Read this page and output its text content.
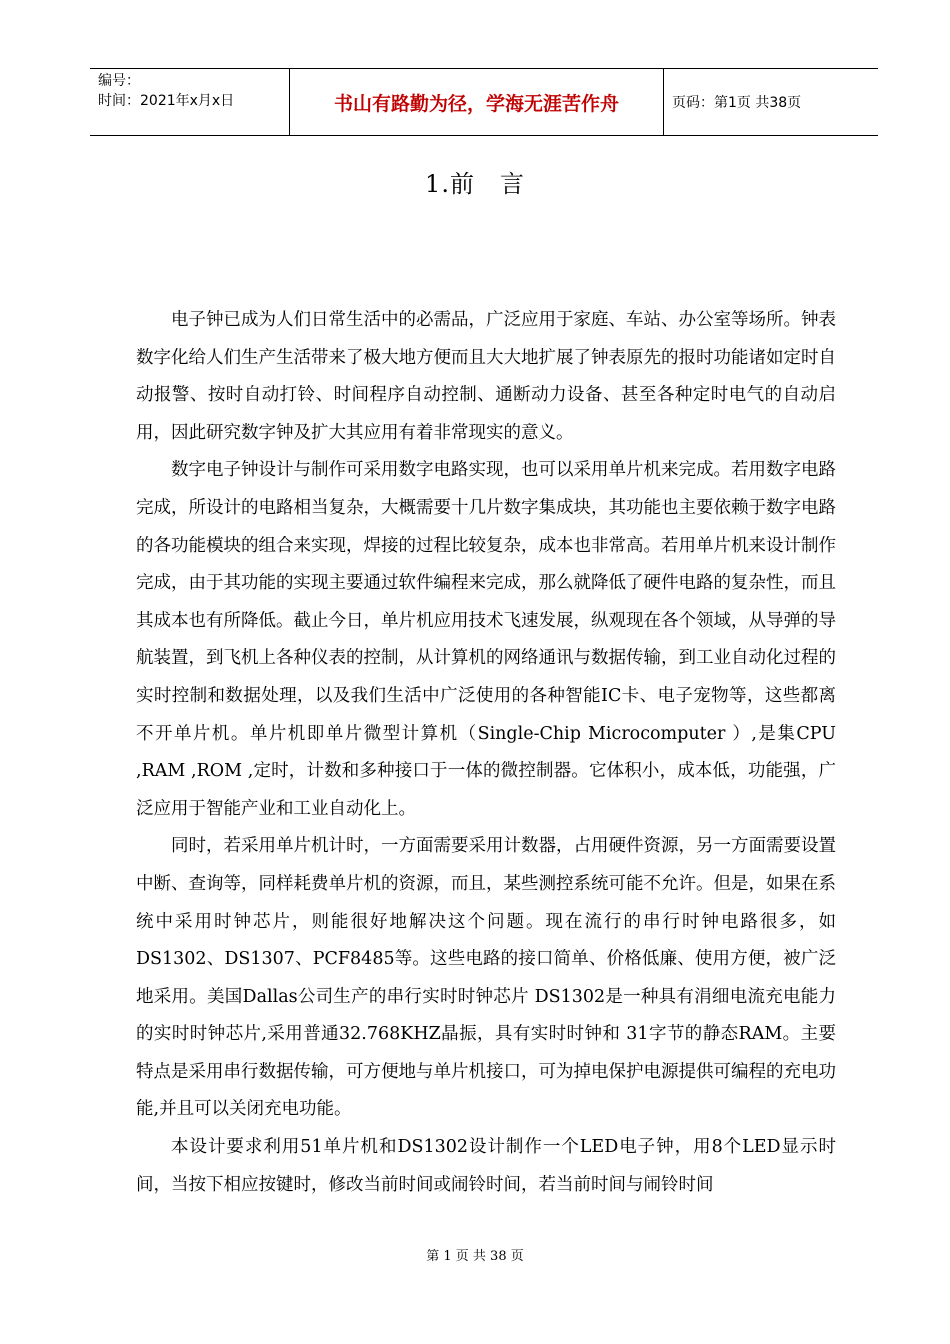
编号：
时间：2021年x月x日	书山有路勤为径，学海无涯苦作舟	页码：第1页 共38页
1.前　言

电子钟已成为人们日常生活中的必需品，广泛应用于家庭、车站、办公室等场所。钟表数字化给人们生产生活带来了极大地方便而且大大地扩展了钟表原先的报时功能诸如定时自动报警、按时自动打铃、时间程序自动控制、通断动力设备、甚至各种定时电气的自动启用，因此研究数字钟及扩大其应用有着非常现实的意义。

数字电子钟设计与制作可采用数字电路实现，也可以采用单片机来完成。若用数字电路完成，所设计的电路相当复杂，大概需要十几片数字集成块，其功能也主要依赖于数字电路的各功能模块的组合来实现，焊接的过程比较复杂，成本也非常高。若用单片机来设计制作完成，由于其功能的实现主要通过软件编程来完成，那么就降低了硬件电路的复杂性，而且其成本也有所降低。截止今日，单片机应用技术飞速发展，纵观现在各个领域，从导弹的导航装置，到飞机上各种仪表的控制，从计算机的网络通讯与数据传输，到工业自动化过程的实时控制和数据处理，以及我们生活中广泛使用的各种智能IC卡、电子宠物等，这些都离不开单片机。单片机即单片微型计算机（Single-Chip Microcomputer ）,是集CPU ,RAM ,ROM ,定时，计数和多种接口于一体的微控制器。它体积小，成本低，功能强，广泛应用于智能产业和工业自动化上。

同时，若采用单片机计时，一方面需要采用计数器，占用硬件资源，另一方面需要设置中断、查询等，同样耗费单片机的资源，而且，某些测控系统可能不允许。但是，如果在系统中采用时钟芯片，则能很好地解决这个问题。现在流行的串行时钟电路很多，如DS1302、DS1307、PCF8485等。这些电路的接口简单、价格低廉、使用方便，被广泛地采用。美国Dallas公司生产的串行实时时钟芯片 DS1302是一种具有涓细电流充电能力的实时时钟芯片,采用普通32.768KHZ晶振，具有实时时钟和 31字节的静态RAM。主要特点是采用串行数据传输，可方便地与单片机接口，可为掉电保护电源提供可编程的充电功能,并且可以关闭充电功能。

本设计要求利用51单片机和DS1302设计制作一个LED电子钟，用8个LED显示时间，当按下相应按键时，修改当前时间或闹铃时间，若当前时间与闹铃时间

第 1 页 共 38 页
